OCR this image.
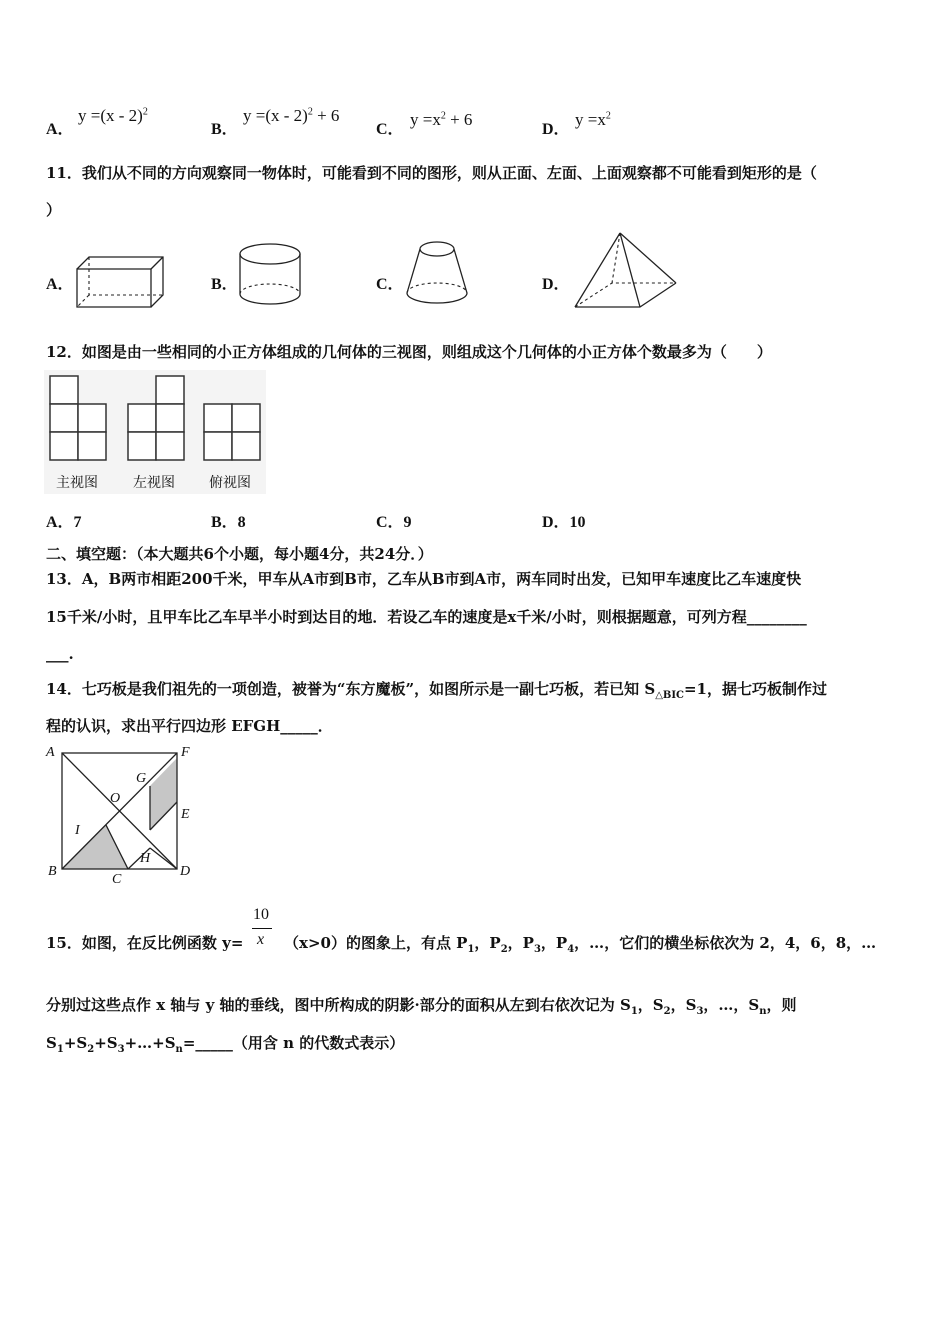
A．
y =(x - 2)$^2$
B．
y =(x - 2)$^2$ + 6
C．
$y =x^2 + 6$
D．
$y =x^2$
11．我们从不同的方向观察同一物体时，可能看到不同的图形，则从正面、左面、上面观察都不可能看到矩形的是（
）
A．	B．	C．	D．
12．如图是由一些相同的小正方体组成的几何体的三视图，则组成这个几何体的小正方体个数最多为（　　）
主视图	左视图 俯视图
A．7	B．8	C．9	D．10
二、填空题：（本大题共6个小题，每小题4分，共24分．）
13．A，B两市相距200千米，甲车从A市到B市，乙车从B市到A市，两车同时出发，已知甲车速度比乙车速度快
15千米/小时，且甲车比乙车早半小时到达目的地．若设乙车的速度是x千米/小时，则根据题意，可列方程________
___.
14．七巧板是我们祖先的一项创造，被誉为“东方魔板”，如图所示是一副七巧板，若已知 $S_{\triangle BIC}=1$，据七巧板制作过
程的认识，求出平行四边形 EFGH_____．
A	F
G
O
E
I
H
B
C
D
10
x
15．如图，在反比例函数 y=	（x>0）的图象上，有点 $P_1$，$P_2$，$P_3$，$P_4$，…，它们的横坐标依次为 2，4，6，8，…
分别过这些点作 x 轴与 y 轴的垂线，图中所构成的阴影·部分的面积从左到右依次记为 $S_1$，$S_2$，$S_3$，…，$S_n$，则
$S_1+S_2+S_3+\dots+S_n=\_\_\_\_\_$（用含 n 的代数式表示）
